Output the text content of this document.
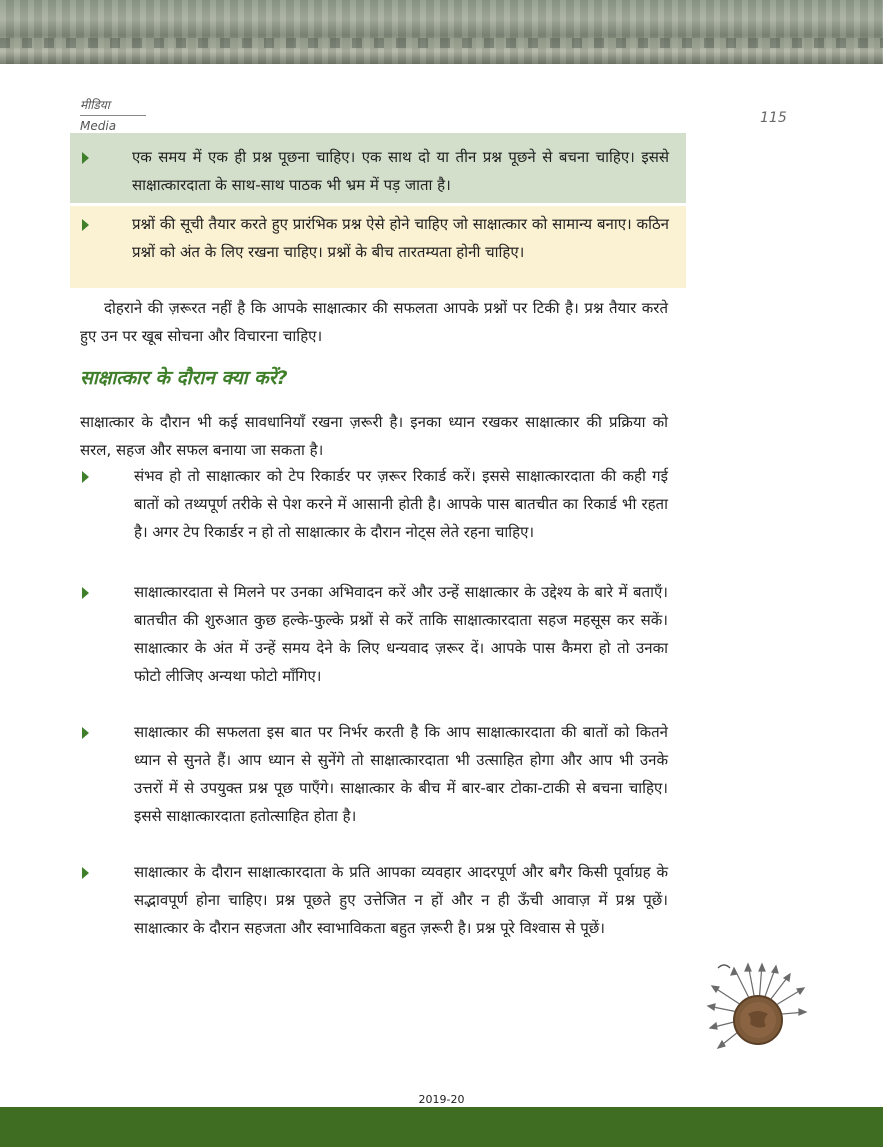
मीडिया
Media	115
एक समय में एक ही प्रश्न पूछना चाहिए। एक साथ दो या तीन प्रश्न पूछने से बचना चाहिए। इससे साक्षात्कारदाता के साथ-साथ पाठक भी भ्रम में पड़ जाता है।
प्रश्नों की सूची तैयार करते हुए प्रारंभिक प्रश्न ऐसे होने चाहिए जो साक्षात्कार को सामान्य बनाए। कठिन प्रश्नों को अंत के लिए रखना चाहिए। प्रश्नों के बीच तारतम्यता होनी चाहिए।
दोहराने की ज़रूरत नहीं है कि आपके साक्षात्कार की सफलता आपके प्रश्नों पर टिकी है। प्रश्न तैयार करते हुए उन पर खूब सोचना और विचारना चाहिए।
साक्षात्कार के दौरान क्या करें?
साक्षात्कार के दौरान भी कई सावधानियाँ रखना ज़रूरी है। इनका ध्यान रखकर साक्षात्कार की प्रक्रिया को सरल, सहज और सफल बनाया जा सकता है।
संभव हो तो साक्षात्कार को टेप रिकार्डर पर ज़रूर रिकार्ड करें। इससे साक्षात्कारदाता की कही गई बातों को तथ्यपूर्ण तरीके से पेश करने में आसानी होती है। आपके पास बातचीत का रिकार्ड भी रहता है। अगर टेप रिकार्डर न हो तो साक्षात्कार के दौरान नोट्स लेते रहना चाहिए।
साक्षात्कारदाता से मिलने पर उनका अभिवादन करें और उन्हें साक्षात्कार के उद्देश्य के बारे में बताएँ। बातचीत की शुरुआत कुछ हल्के-फुल्के प्रश्नों से करें ताकि साक्षात्कारदाता सहज महसूस कर सकें। साक्षात्कार के अंत में उन्हें समय देने के लिए धन्यवाद ज़रूर दें। आपके पास कैमरा हो तो उनका फोटो लीजिए अन्यथा फोटो माँगिए।
साक्षात्कार की सफलता इस बात पर निर्भर करती है कि आप साक्षात्कारदाता की बातों को कितने ध्यान से सुनते हैं। आप ध्यान से सुनेंगे तो साक्षात्कारदाता भी उत्साहित होगा और आप भी उनके उत्तरों में से उपयुक्त प्रश्न पूछ पाएँगे। साक्षात्कार के बीच में बार-बार टोका-टाकी से बचना चाहिए। इससे साक्षात्कारदाता हतोत्साहित होता है।
साक्षात्कार के दौरान साक्षात्कारदाता के प्रति आपका व्यवहार आदरपूर्ण और बगैर किसी पूर्वाग्रह के सद्भावपूर्ण होना चाहिए। प्रश्न पूछते हुए उत्तेजित न हों और न ही ऊँची आवाज़ में प्रश्न पूछें। साक्षात्कार के दौरान सहजता और स्वाभाविकता बहुत ज़रूरी है। प्रश्न पूरे विश्वास से पूछें।
2019-20
